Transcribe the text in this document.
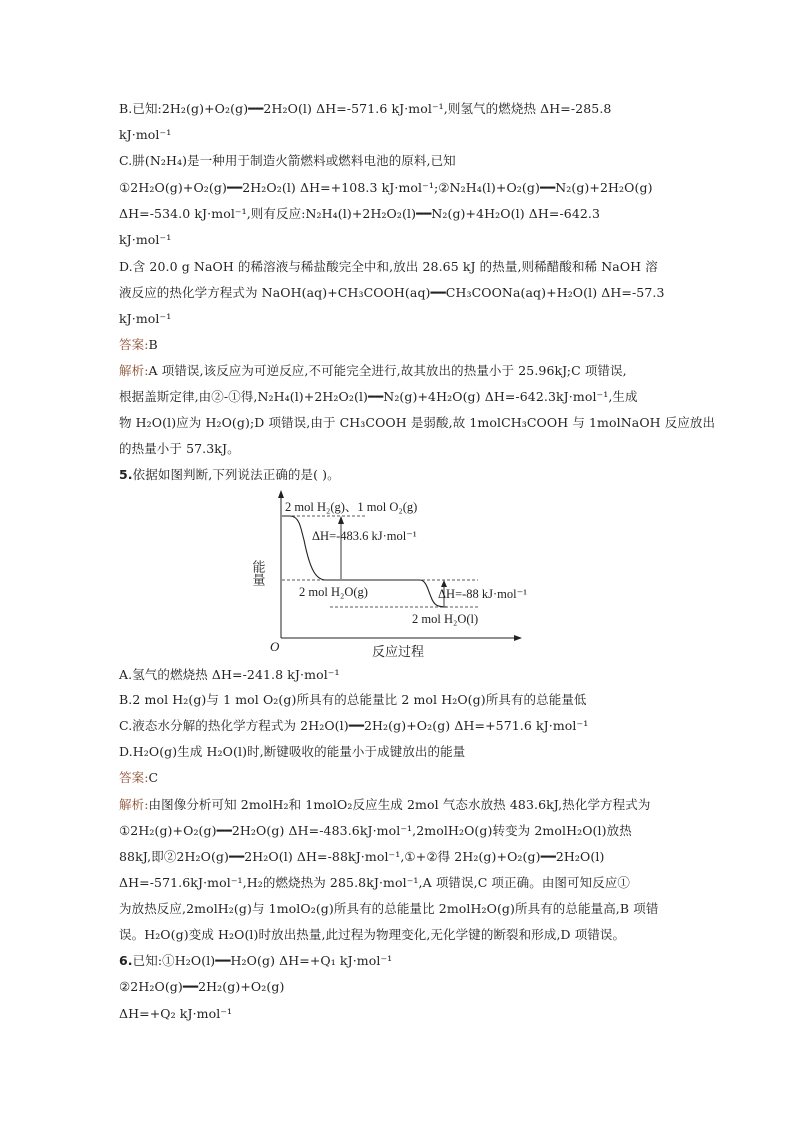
B.已知:2H₂(g)+O₂(g)━━2H₂O(l) ΔH=-571.6 kJ·mol⁻¹,则氢气的燃烧热 ΔH=-285.8
kJ·mol⁻¹
C.肼(N₂H₄)是一种用于制造火箭燃料或燃料电池的原料,已知
①2H₂O(g)+O₂(g)━━2H₂O₂(l) ΔH=+108.3 kJ·mol⁻¹;②N₂H₄(l)+O₂(g)━━N₂(g)+2H₂O(g)
ΔH=-534.0 kJ·mol⁻¹,则有反应:N₂H₄(l)+2H₂O₂(l)━━N₂(g)+4H₂O(l) ΔH=-642.3
kJ·mol⁻¹
D.含 20.0 g NaOH 的稀溶液与稀盐酸完全中和,放出 28.65 kJ 的热量,则稀醋酸和稀 NaOH 溶
液反应的热化学方程式为 NaOH(aq)+CH₃COOH(aq)━━CH₃COONa(aq)+H₂O(l) ΔH=-57.3
kJ·mol⁻¹
答案:B
解析:A 项错误,该反应为可逆反应,不可能完全进行,故其放出的热量小于 25.96kJ;C 项错误,
根据盖斯定律,由②-①得,N₂H₄(l)+2H₂O₂(l)━━N₂(g)+4H₂O(g) ΔH=-642.3kJ·mol⁻¹,生成
物 H₂O(l)应为 H₂O(g);D 项错误,由于 CH₃COOH 是弱酸,故 1molCH₃COOH 与 1molNaOH 反应放出
的热量小于 57.3kJ。
5.依据如图判断,下列说法正确的是( )。
能量
O	反应过程
2 mol H₂(g)、1 mol O₂(g)
ΔH=-483.6 kJ·mol⁻¹
2 mol H₂O(g)	ΔH=-88 kJ·mol⁻¹
2 mol H₂O(l)
A.氢气的燃烧热 ΔH=-241.8 kJ·mol⁻¹
B.2 mol H₂(g)与 1 mol O₂(g)所具有的总能量比 2 mol H₂O(g)所具有的总能量低
C.液态水分解的热化学方程式为 2H₂O(l)━━2H₂(g)+O₂(g) ΔH=+571.6 kJ·mol⁻¹
D.H₂O(g)生成 H₂O(l)时,断键吸收的能量小于成键放出的能量
答案:C
解析:由图像分析可知 2molH₂和 1molO₂反应生成 2mol 气态水放热 483.6kJ,热化学方程式为
①2H₂(g)+O₂(g)━━2H₂O(g) ΔH=-483.6kJ·mol⁻¹,2molH₂O(g)转变为 2molH₂O(l)放热
88kJ,即②2H₂O(g)━━2H₂O(l) ΔH=-88kJ·mol⁻¹,①+②得 2H₂(g)+O₂(g)━━2H₂O(l)
ΔH=-571.6kJ·mol⁻¹,H₂的燃烧热为 285.8kJ·mol⁻¹,A 项错误,C 项正确。由图可知反应①
为放热反应,2molH₂(g)与 1molO₂(g)所具有的总能量比 2molH₂O(g)所具有的总能量高,B 项错
误。H₂O(g)变成 H₂O(l)时放出热量,此过程为物理变化,无化学键的断裂和形成,D 项错误。
6.已知:①H₂O(l)━━H₂O(g) ΔH=+Q₁ kJ·mol⁻¹
②2H₂O(g)━━2H₂(g)+O₂(g)
ΔH=+Q₂ kJ·mol⁻¹
